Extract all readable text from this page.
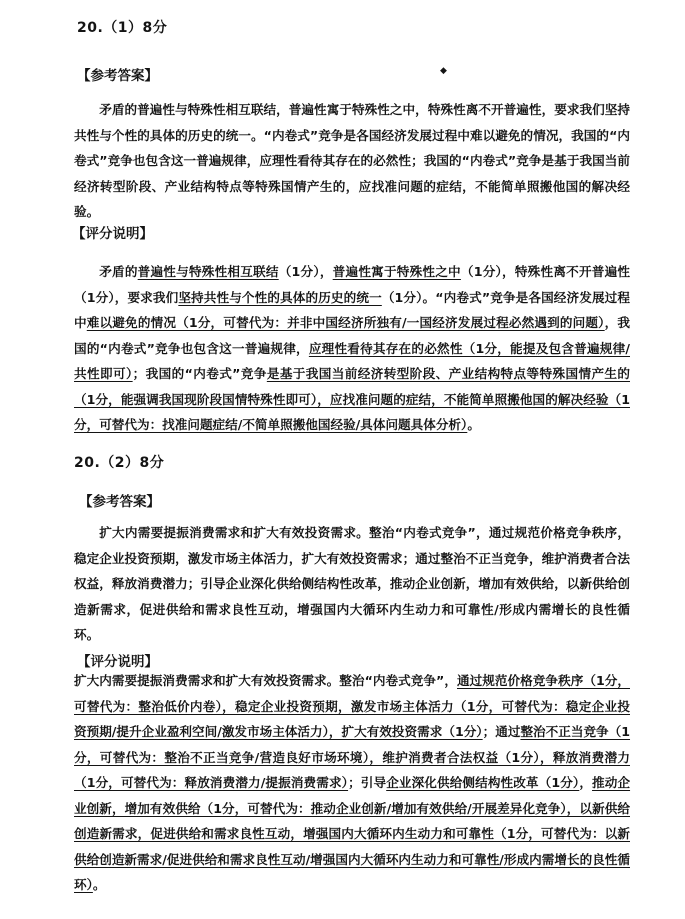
20.（1）8分
◆
【参考答案】

矛盾的普遍性与特殊性相互联结，普遍性寓于特殊性之中，特殊性离不开普遍性，要求我们坚持共性与个性的具体的历史的统一。“内卷式”竞争是各国经济发展过程中难以避免的情况，我国的“内卷式”竞争也包含这一普遍规律，应理性看待其存在的必然性；我国的“内卷式”竞争是基于我国当前经济转型阶段、产业结构特点等特殊国情产生的，应找准问题的症结，不能简单照搬他国的解决经验。

【评分说明】

矛盾的普遍性与特殊性相互联结（1分），普遍性寓于特殊性之中（1分），特殊性离不开普遍性（1分），要求我们坚持共性与个性的具体的历史的统一（1分）。“内卷式”竞争是各国经济发展过程中难以避免的情况（1分，可替代为：并非中国经济所独有/一国经济发展过程必然遇到的问题），我国的“内卷式”竞争也包含这一普遍规律，应理性看待其存在的必然性（1分，能提及包含普遍规律/共性即可）；我国的“内卷式”竞争是基于我国当前经济转型阶段、产业结构特点等特殊国情产生的（1分，能强调我国现阶段国情特殊性即可），应找准问题的症结，不能简单照搬他国的解决经验（1分，可替代为：找准问题症结/不简单照搬他国经验/具体问题具体分析）。

20.（2）8分
【参考答案】

扩大内需要提振消费需求和扩大有效投资需求。整治“内卷式竞争”，通过规范价格竞争秩序，稳定企业投资预期，激发市场主体活力，扩大有效投资需求；通过整治不正当竞争，维护消费者合法权益，释放消费潜力；引导企业深化供给侧结构性改革，推动企业创新，增加有效供给，以新供给创造新需求，促进供给和需求良性互动，增强国内大循环内生动力和可靠性/形成内需增长的良性循环。

【评分说明】

扩大内需要提振消费需求和扩大有效投资需求。整治“内卷式竞争”，通过规范价格竞争秩序（1分，可替代为：整治低价内卷），稳定企业投资预期，激发市场主体活力（1分，可替代为：稳定企业投资预期/提升企业盈利空间/激发市场主体活力），扩大有效投资需求（1分）；通过整治不正当竞争（1分，可替代为：整治不正当竞争/营造良好市场环境），维护消费者合法权益（1分），释放消费潜力（1分，可替代为：释放消费潜力/提振消费需求）；引导企业深化供给侧结构性改革（1分），推动企业创新，增加有效供给（1分，可替代为：推动企业创新/增加有效供给/开展差异化竞争），以新供给创造新需求，促进供给和需求良性互动，增强国内大循环内生动力和可靠性（1分，可替代为：以新供给创造新需求/促进供给和需求良性互动/增强国内大循环内生动力和可靠性/形成内需增长的良性循环）。
